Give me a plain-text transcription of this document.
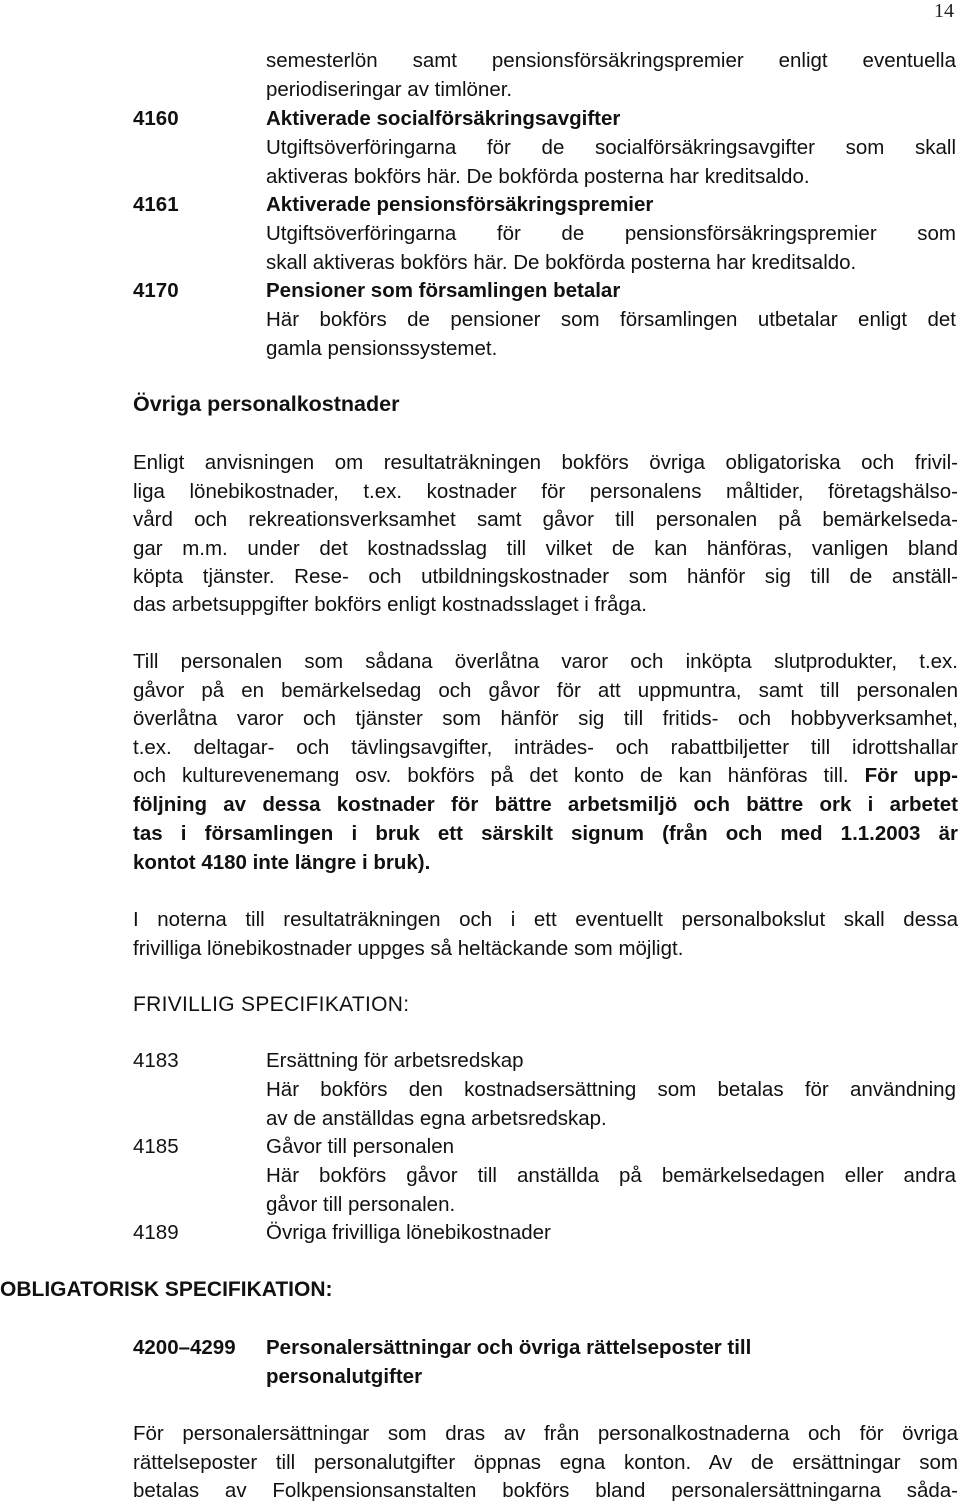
14
semesterlön samt pensionsförsäkringspremier enligt eventuella
periodiseringar av timlöner.
4160	Aktiverade socialförsäkringsavgifter
Utgiftsöverföringarna för de socialförsäkringsavgifter som skall
aktiveras bokförs här. De bokförda posterna har kreditsaldo.
4161	Aktiverade pensionsförsäkringspremier
Utgiftsöverföringarna för de pensionsförsäkringspremier som
skall aktiveras bokförs här. De bokförda posterna har kreditsaldo.
4170	Pensioner som församlingen betalar
Här bokförs de pensioner som församlingen utbetalar enligt det
gamla pensionssystemet.
Övriga personalkostnader
Enligt anvisningen om resultaträkningen bokförs övriga obligatoriska och frivil-
liga lönebikostnader, t.ex. kostnader för personalens måltider, företagshälso-
vård och rekreationsverksamhet samt gåvor till personalen på bemärkelseda-
gar m.m. under det kostnadsslag till vilket de kan hänföras, vanligen bland
köpta tjänster. Rese- och utbildningskostnader som hänför sig till de anställ-
das arbetsuppgifter bokförs enligt kostnadsslaget i fråga.
Till personalen som sådana överlåtna varor och inköpta slutprodukter, t.ex.
gåvor på en bemärkelsedag och gåvor för att uppmuntra, samt till personalen
överlåtna varor och tjänster som hänför sig till fritids- och hobbyverksamhet,
t.ex. deltagar- och tävlingsavgifter, inträdes- och rabattbiljetter till idrottshallar
och kulturevenemang osv. bokförs på det konto de kan hänföras till. För upp-
följning av dessa kostnader för bättre arbetsmiljö och bättre ork i arbetet
tas i församlingen i bruk ett särskilt signum (från och med 1.1.2003 är
kontot 4180 inte längre i bruk).
I noterna till resultaträkningen och i ett eventuellt personalbokslut skall dessa
frivilliga lönebikostnader uppges så heltäckande som möjligt.
FRIVILLIG SPECIFIKATION:
4183	Ersättning för arbetsredskap
Här bokförs den kostnadsersättning som betalas för användning
av de anställdas egna arbetsredskap.
4185	Gåvor till personalen
Här bokförs gåvor till anställda på bemärkelsedagen eller andra
gåvor till personalen.
4189	Övriga frivilliga lönebikostnader
OBLIGATORISK SPECIFIKATION:
4200–4299 Personalersättningar och övriga rättelseposter till
personalutgifter
För personalersättningar som dras av från personalkostnaderna och för övriga
rättelseposter till personalutgifter öppnas egna konton. Av de ersättningar som
betalas av Folkpensionsanstalten bokförs bland personalersättningarna såda-
